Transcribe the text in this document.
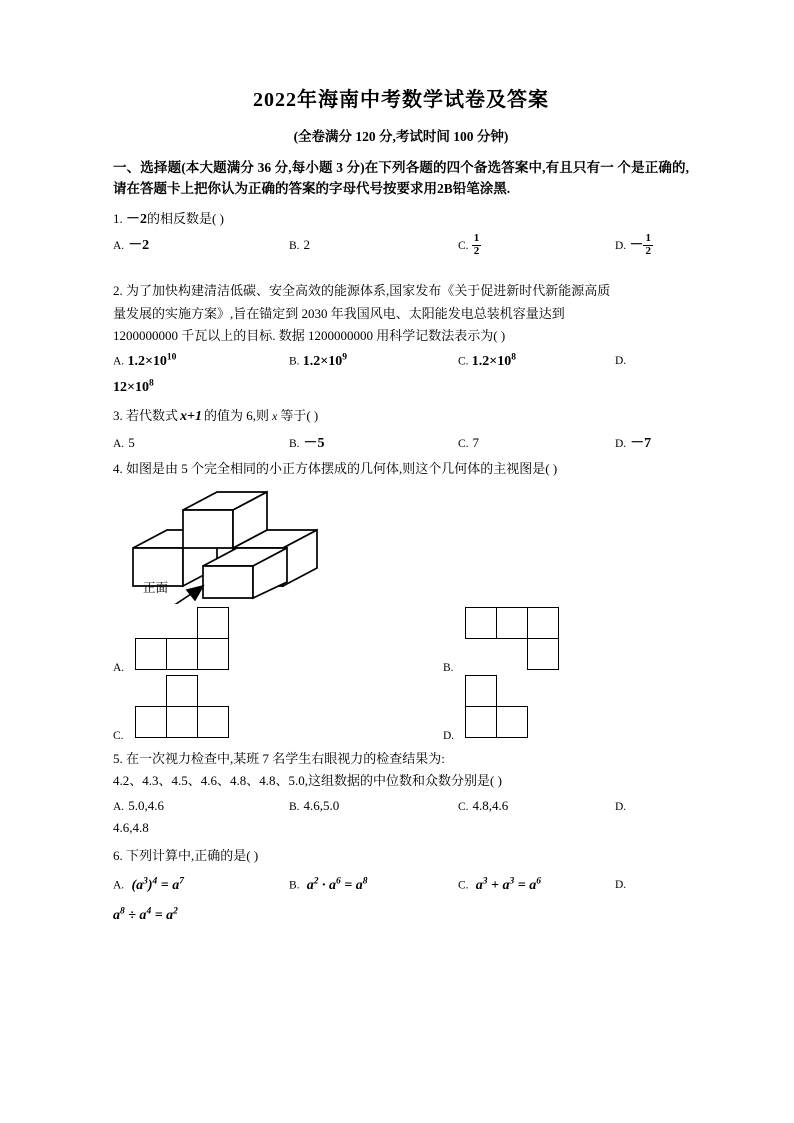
2022年海南中考数学试卷及答案
(全卷满分 120 分,考试时间 100 分钟)
一、选择题(本大题满分 36 分,每小题 3 分)在下列各题的四个备选答案中,有且只有一 个是正确的,请在答题卡上把你认为正确的答案的字母代号按要求用2B铅笔涂黑.
1. －2的相反数是( )
A. －2	B. 2	C. $\frac{1}{2}$	D. － $\frac{1}{2}$
2. 为了加快构建清洁低碳、安全高效的能源体系,国家发布《关于促进新时代新能源高质
量发展的实施方案》,旨在锚定到 2030 年我国风电、太阳能发电总装机容量达到
1200000000 千瓦以上的目标. 数据 1200000000 用科学记数法表示为( )
A. $1.2\times 10^{10}$	B. $1.2\times 10^9$	C. $1.2\times 10^8$	D.
$12\times 10^8$
3. 若代数式 x+1 的值为 6,则 x 等于( )
A. 5	B. －5	C. 7	D. －7
4. 如图是由 5 个完全相同的小正方体摆成的几何体,则这个几何体的主视图是( )
正面
A.	B.
C.	D.
5. 在一次视力检查中,某班 7 名学生右眼视力的检查结果为:
4.2、4.3、4.5、4.6、4.8、4.8、5.0,这组数据的中位数和众数分别是( )
A. 5.0,4.6	B. 4.6,5.0	C. 4.8,4.6	D.
4.6,4.8
6. 下列计算中,正确的是( )
A. $(a^3)^4 = a^7$	B. $a^2 \cdot a^6 = a^8$	C. $a^3 + a^3 = a^6$	D.
$a^8 \div a^4 = a^2$
